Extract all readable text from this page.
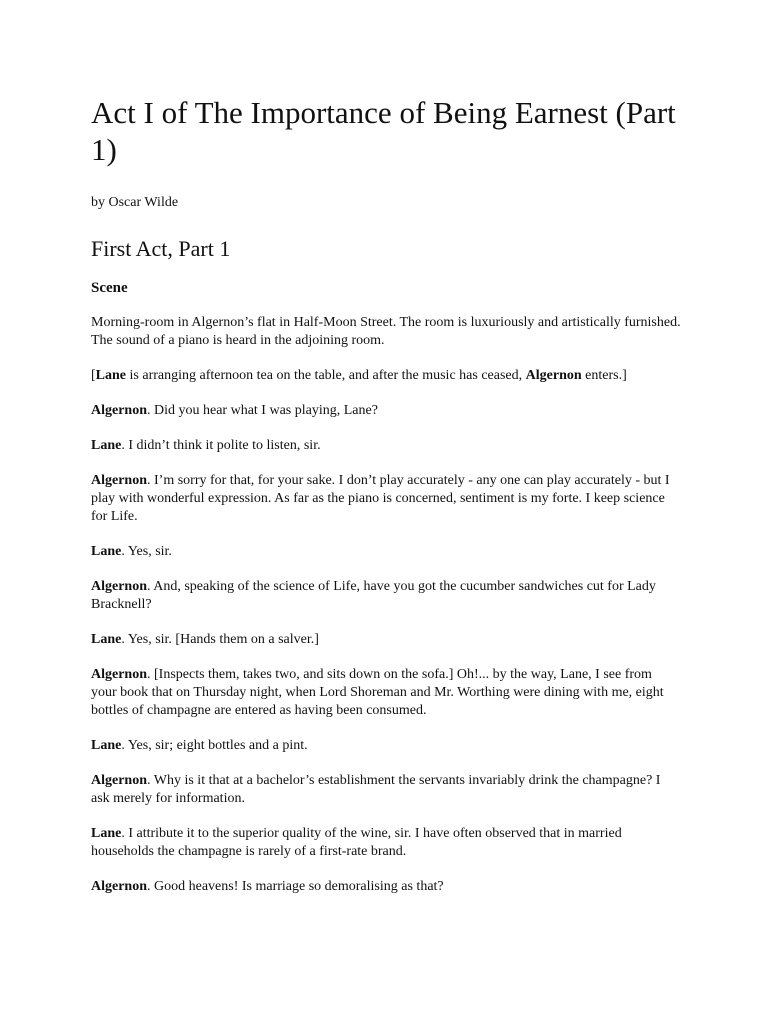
Act I of The Importance of Being Earnest (Part 1)

by Oscar Wilde

First Act, Part 1
Scene

Morning-room in Algernon’s flat in Half-Moon Street. The room is luxuriously and artistically furnished. The sound of a piano is heard in the adjoining room.

[Lane is arranging afternoon tea on the table, and after the music has ceased, Algernon enters.]

Algernon. Did you hear what I was playing, Lane?

Lane. I didn’t think it polite to listen, sir.

Algernon. I’m sorry for that, for your sake. I don’t play accurately - any one can play accurately - but I play with wonderful expression. As far as the piano is concerned, sentiment is my forte. I keep science for Life.

Lane. Yes, sir.

Algernon. And, speaking of the science of Life, have you got the cucumber sandwiches cut for Lady Bracknell?

Lane. Yes, sir. [Hands them on a salver.]

Algernon. [Inspects them, takes two, and sits down on the sofa.] Oh!... by the way, Lane, I see from your book that on Thursday night, when Lord Shoreman and Mr. Worthing were dining with me, eight bottles of champagne are entered as having been consumed.

Lane. Yes, sir; eight bottles and a pint.

Algernon. Why is it that at a bachelor’s establishment the servants invariably drink the champagne? I ask merely for information.

Lane. I attribute it to the superior quality of the wine, sir. I have often observed that in married households the champagne is rarely of a first-rate brand.

Algernon. Good heavens! Is marriage so demoralising as that?
